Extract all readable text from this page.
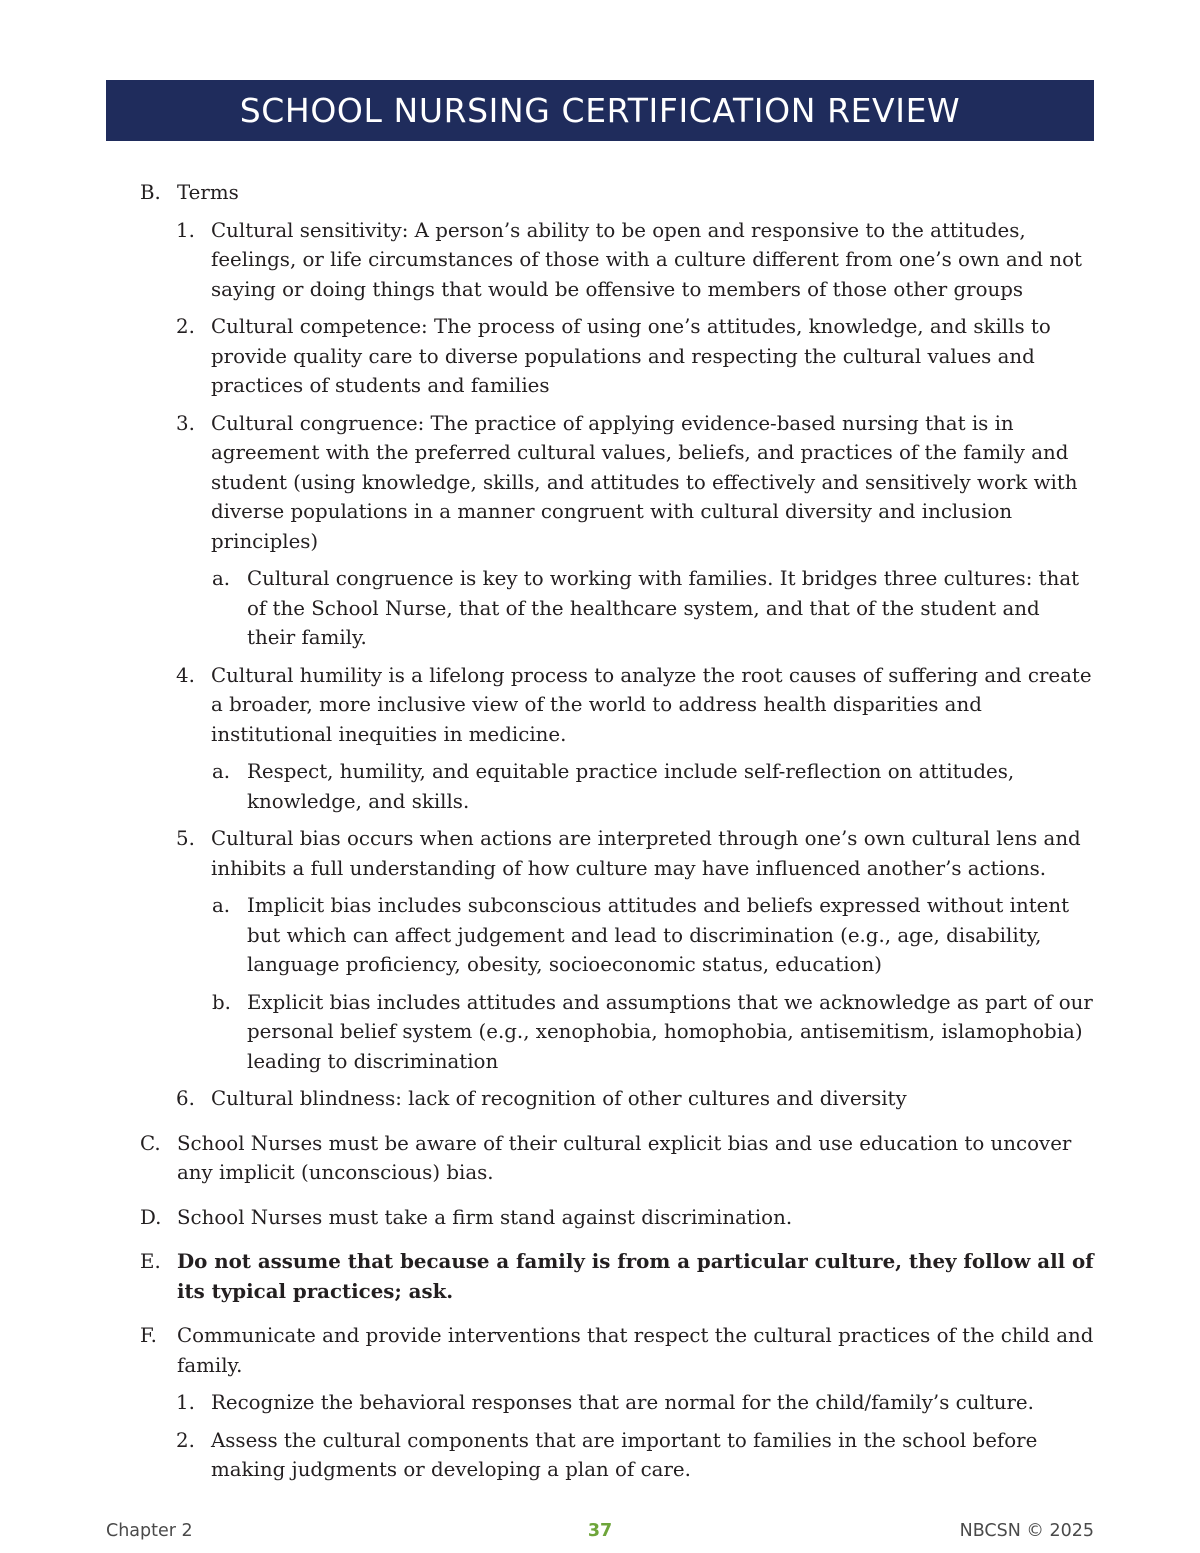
SCHOOL NURSING CERTIFICATION REVIEW
B. Terms
1. Cultural sensitivity: A person’s ability to be open and responsive to the attitudes, feelings, or life circumstances of those with a culture different from one’s own and not saying or doing things that would be offensive to members of those other groups
2. Cultural competence: The process of using one’s attitudes, knowledge, and skills to provide quality care to diverse populations and respecting the cultural values and practices of students and families
3. Cultural congruence: The practice of applying evidence-based nursing that is in agreement with the preferred cultural values, beliefs, and practices of the family and student (using knowledge, skills, and attitudes to effectively and sensitively work with diverse populations in a manner congruent with cultural diversity and inclusion principles)
a. Cultural congruence is key to working with families. It bridges three cultures: that of the School Nurse, that of the healthcare system, and that of the student and their family.
4. Cultural humility is a lifelong process to analyze the root causes of suffering and create a broader, more inclusive view of the world to address health disparities and institutional inequities in medicine.
a. Respect, humility, and equitable practice include self-reflection on attitudes, knowledge, and skills.
5. Cultural bias occurs when actions are interpreted through one’s own cultural lens and inhibits a full understanding of how culture may have influenced another’s actions.
a. Implicit bias includes subconscious attitudes and beliefs expressed without intent but which can affect judgement and lead to discrimination (e.g., age, disability, language proficiency, obesity, socioeconomic status, education)
b. Explicit bias includes attitudes and assumptions that we acknowledge as part of our personal belief system (e.g., xenophobia, homophobia, antisemitism, islamophobia) leading to discrimination
6. Cultural blindness: lack of recognition of other cultures and diversity
C. School Nurses must be aware of their cultural explicit bias and use education to uncover any implicit (unconscious) bias.
D. School Nurses must take a firm stand against discrimination.
E. Do not assume that because a family is from a particular culture, they follow all of its typical practices; ask.
F.	Communicate and provide interventions that respect the cultural practices of the child and family.
1. Recognize the behavioral responses that are normal for the child/family’s culture.
2. Assess the cultural components that are important to families in the school before making judgments or developing a plan of care.
Chapter 2	37	NBCSN © 2025
